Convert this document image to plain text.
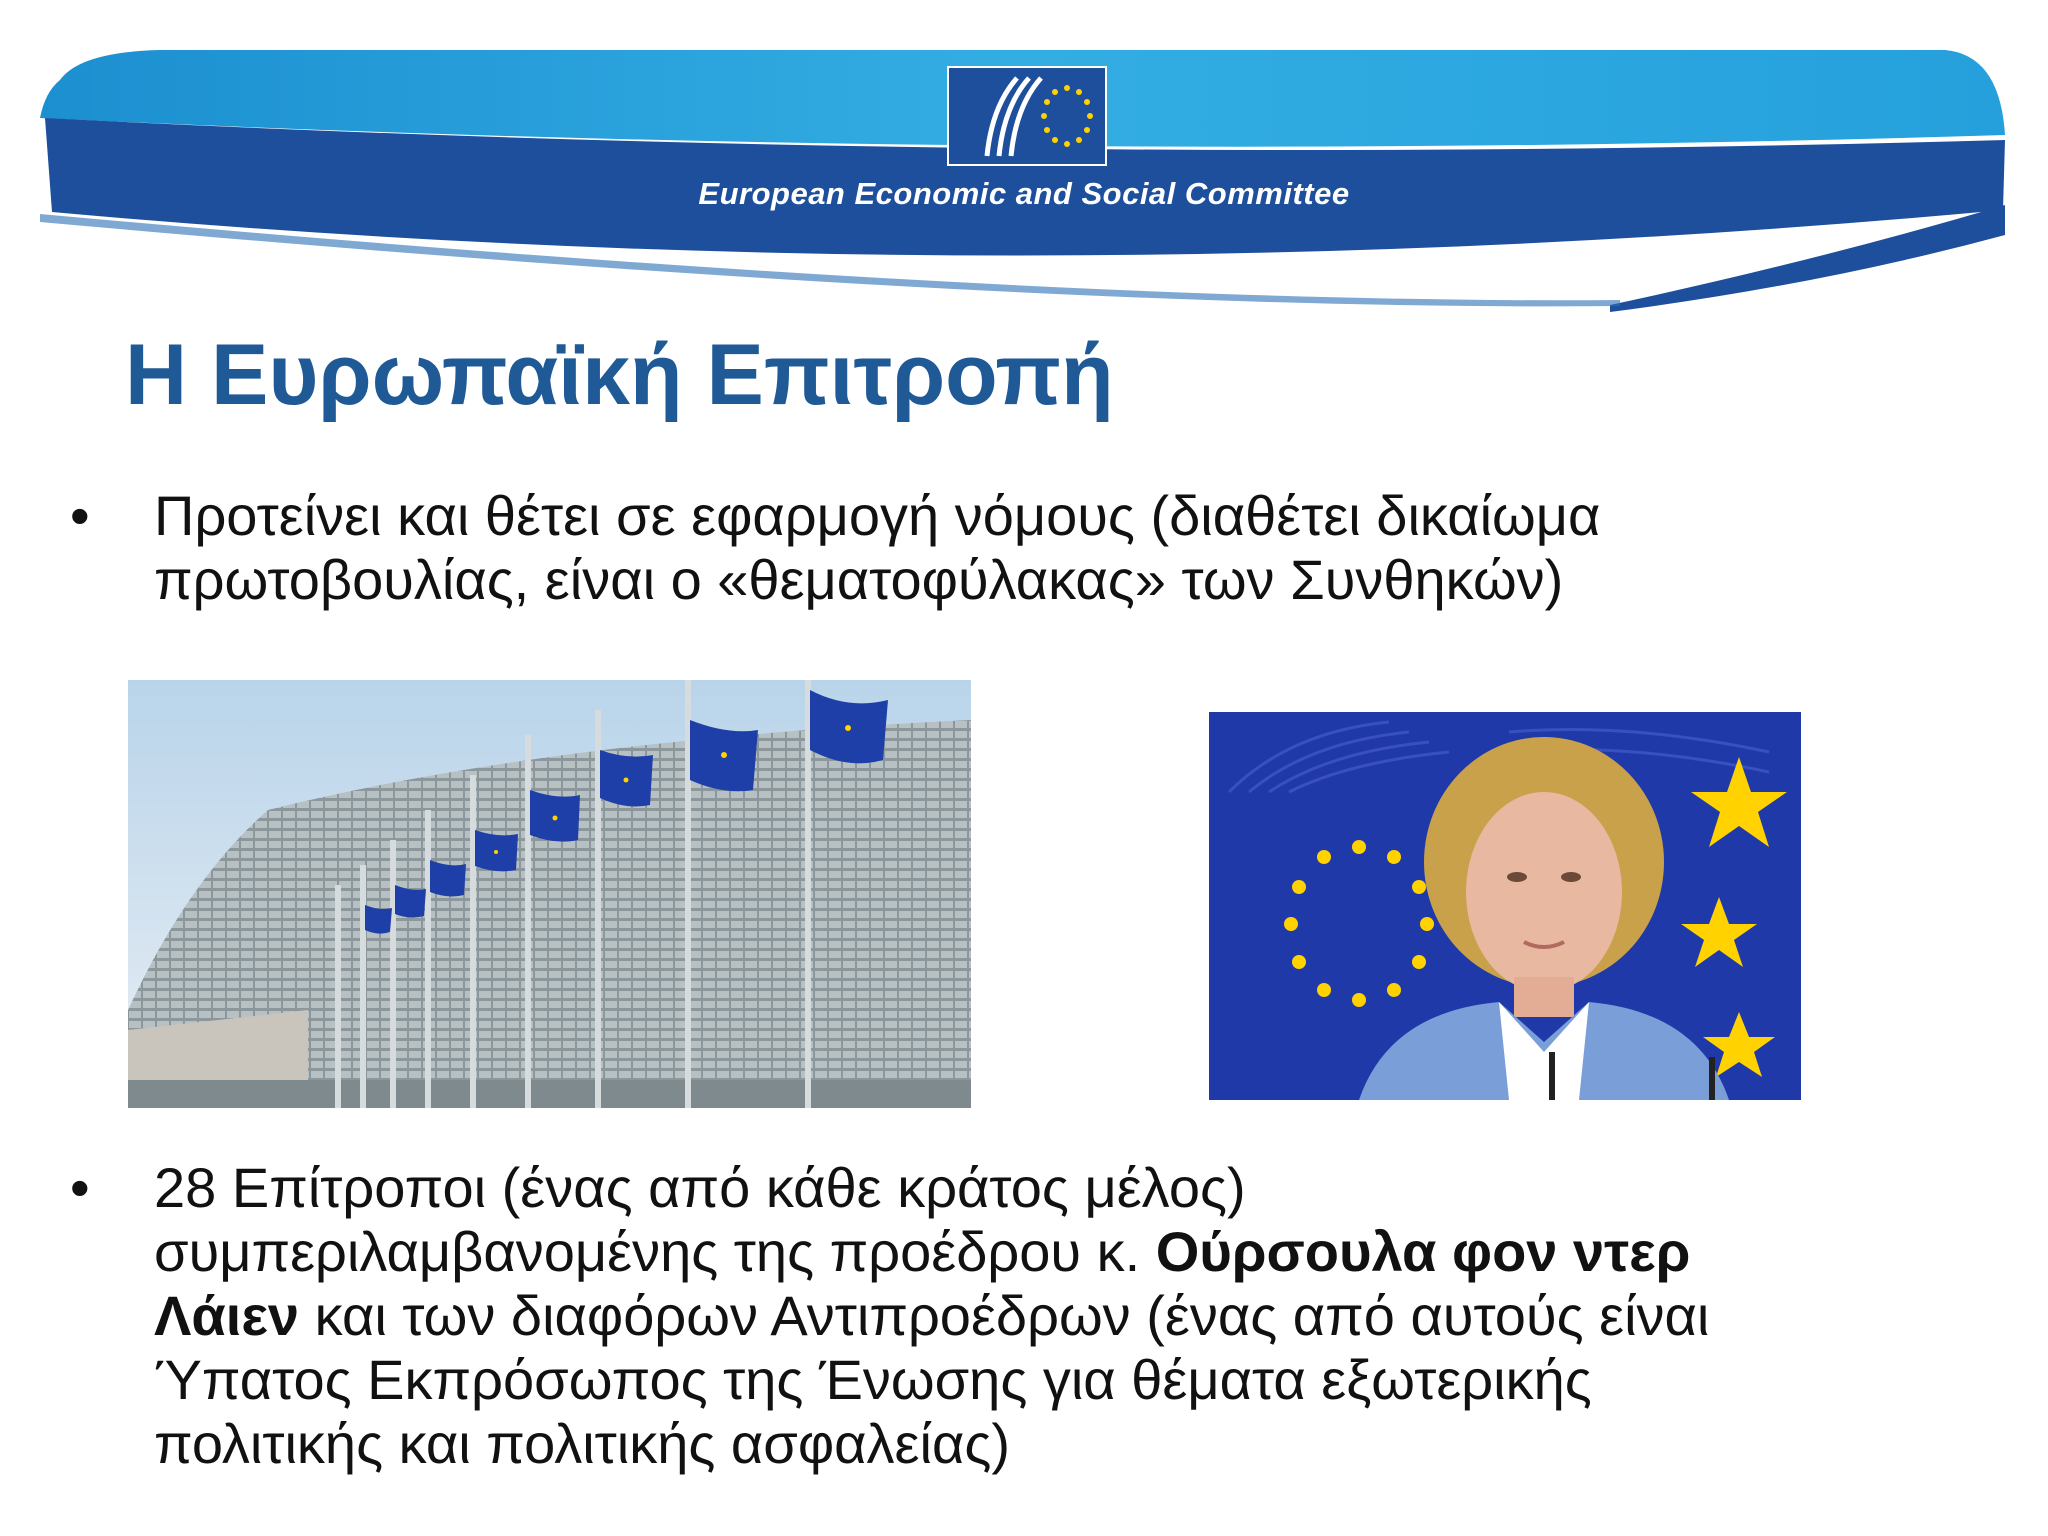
European Economic and Social Committee
Η Ευρωπαϊκή Επιτροπή
•	Προτείνει και θέτει σε εφαρμογή νόμους (διαθέτει δικαίωμα πρωτοβουλίας, είναι ο «θεματοφύλακας» των Συνθηκών)
•	28 Επίτροποι (ένας από κάθε κράτος μέλος) συμπεριλαμβανομένης της προέδρου κ. Ούρσουλα φον ντερ Λάιεν και των διαφόρων Αντιπροέδρων (ένας από αυτούς είναι Ύπατος Εκπρόσωπος της Ένωσης για θέματα εξωτερικής πολιτικής και πολιτικής ασφαλείας)
